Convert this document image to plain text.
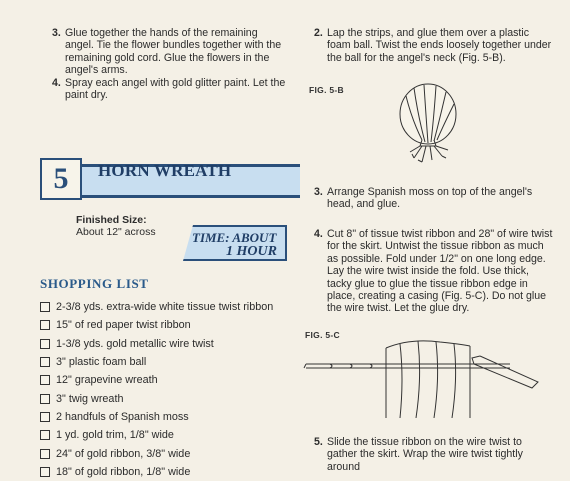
3. Glue together the hands of the remaining angel. Tie the flower bundles together with the remaining gold cord. Glue the flowers in the angel's arms.
4. Spray each angel with gold glitter paint. Let the paint dry.
5	HORN WREATH
Finished Size:
About 12" across	TIME: ABOUT
1 HOUR
SHOPPING LIST
2-3/8 yds. extra-wide white tissue twist ribbon
15" of red paper twist ribbon
1-3/8 yds. gold metallic wire twist
3" plastic foam ball
12" grapevine wreath
3" twig wreath
2 handfuls of Spanish moss
1 yd. gold trim, 1/8" wide
24" of gold ribbon, 3/8" wide
18" of gold ribbon, 1/8" wide
2. Lap the strips, and glue them over a plastic foam ball. Twist the ends loosely together under the ball for the angel's neck (Fig. 5-B).
FIG. 5-B
3. Arrange Spanish moss on top of the angel's head, and glue.
4. Cut 8" of tissue twist ribbon and 28" of wire twist for the skirt. Untwist the tissue ribbon as much as possible. Fold under 1/2" on one long edge. Lay the wire twist inside the fold. Use thick, tacky glue to glue the tissue ribbon edge in place, creating a casing (Fig. 5-C). Do not glue the wire twist. Let the glue dry.
FIG. 5-C
5. Slide the tissue ribbon on the wire twist to gather the skirt. Wrap the wire twist tightly around
